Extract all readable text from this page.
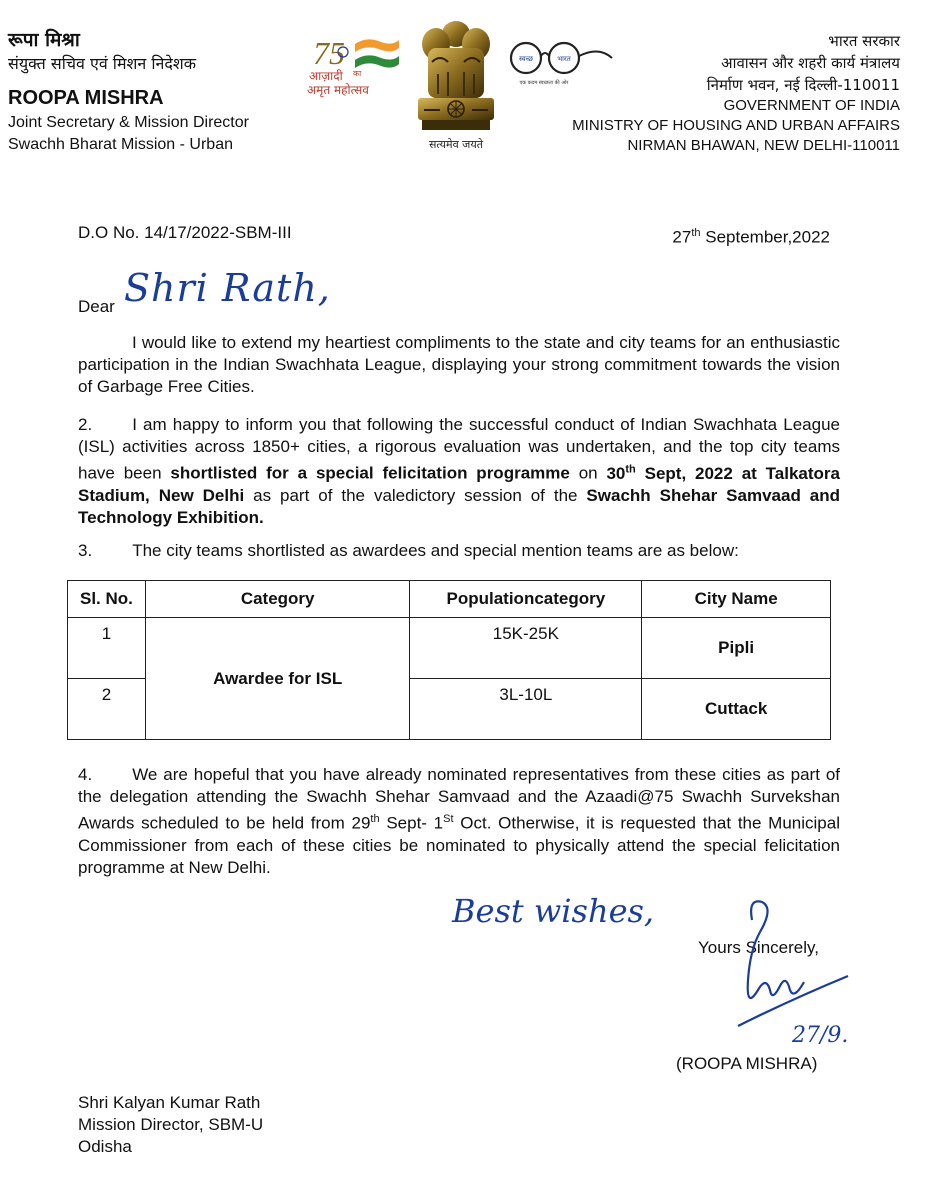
रूपा मिश्रा
संयुक्त सचिव एवं मिशन निदेशक
ROOPA MISHRA
Joint Secretary & Mission Director
Swachh Bharat Mission - Urban
75
आज़ादी का
अमृत महोत्सव
सत्यमेव जयते
स्वच्छ	भारत
एक कदम स्वच्छता की ओर
भारत सरकार
आवासन और शहरी कार्य मंत्रालय
निर्माण भवन, नई दिल्ली-110011
GOVERNMENT OF INDIA
MINISTRY OF HOUSING AND URBAN AFFAIRS
NIRMAN BHAWAN, NEW DELHI-110011
D.O No. 14/17/2022-SBM-III	27th September,2022
Dear Shri Rath,
I would like to extend my heartiest compliments to the state and city teams for an enthusiastic participation in the Indian Swachhata League, displaying your strong commitment towards the vision of Garbage Free Cities.
2. I am happy to inform you that following the successful conduct of Indian Swachhata League (ISL) activities across 1850+ cities, a rigorous evaluation was undertaken, and the top city teams have been shortlisted for a special felicitation programme on 30th Sept, 2022 at Talkatora Stadium, New Delhi as part of the valedictory session of the Swachh Shehar Samvaad and Technology Exhibition.
3. The city teams shortlisted as awardees and special mention teams are as below:
Sl. No.	Category	Populationcategory	City Name
1	Awardee for ISL	15K-25K	Pipli
2		3L-10L	Cuttack
4. We are hopeful that you have already nominated representatives from these cities as part of the delegation attending the Swachh Shehar Samvaad and the Azaadi@75 Swachh Survekshan Awards scheduled to be held from 29th Sept- 1St Oct. Otherwise, it is requested that the Municipal Commissioner from each of these cities be nominated to physically attend the special felicitation programme at New Delhi.
Best wishes,
Yours Sincerely,
27/9.
(ROOPA MISHRA)
Shri Kalyan Kumar Rath
Mission Director, SBM-U
Odisha
